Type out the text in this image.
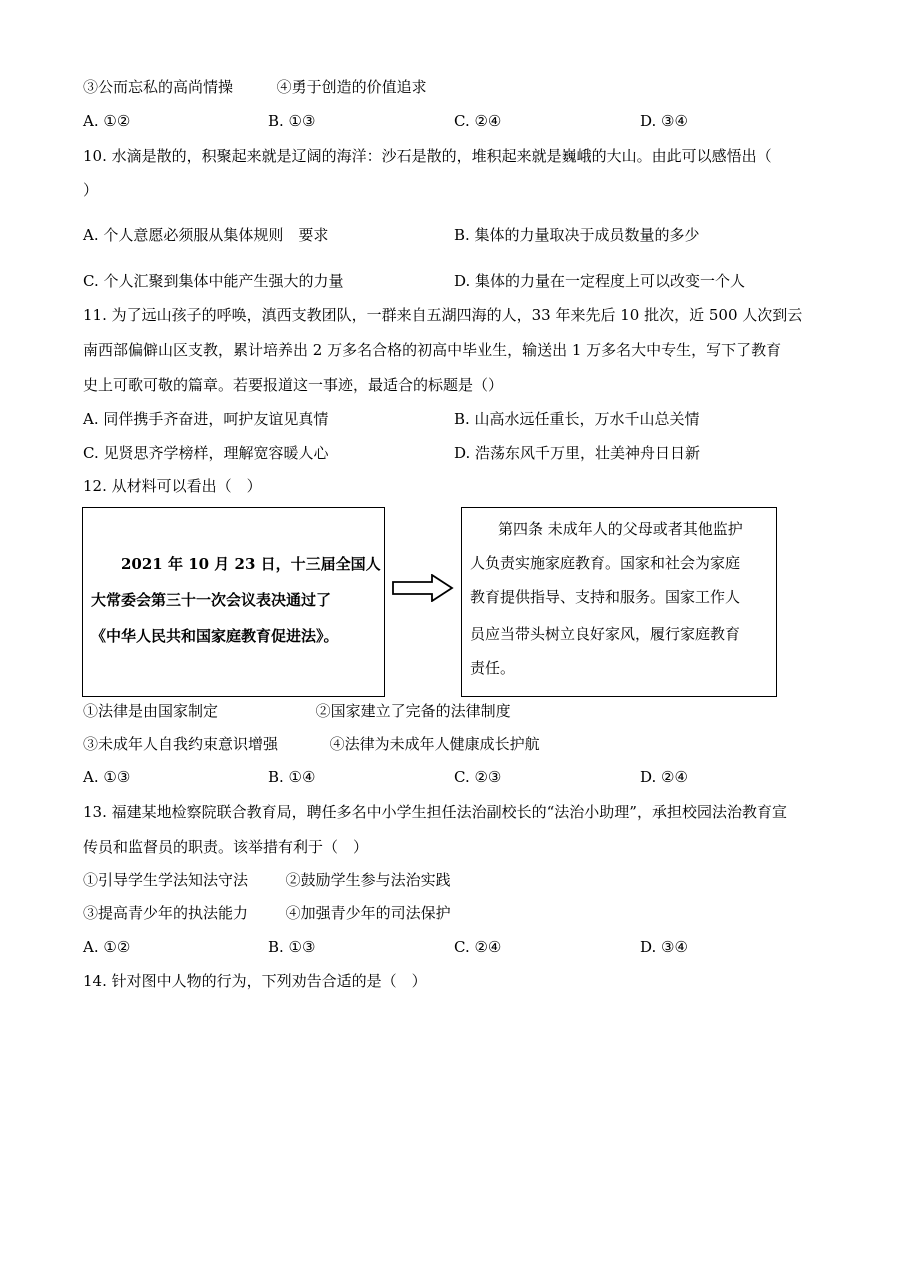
③公而忘私的高尚情操	④勇于创造的价值追求
A. ①②	B. ①③	C. ②④	D. ③④
10. 水滴是散的，积聚起来就是辽阔的海洋：沙石是散的，堆积起来就是巍峨的大山。由此可以感悟出（
）
A. 个人意愿必须服从集体规则　要求	B. 集体的力量取决于成员数量的多少
C. 个人汇聚到集体中能产生强大的力量	D. 集体的力量在一定程度上可以改变一个人
11. 为了远山孩子的呼唤，滇西支教团队，一群来自五湖四海的人，33 年来先后 10 批次，近 500 人次到云
南西部偏僻山区支教，累计培养出 2 万多名合格的初高中毕业生，输送出 1 万多名大中专生，写下了教育
史上可歌可敬的篇章。若要报道这一事迹，最适合的标题是（）
A. 同伴携手齐奋进，呵护友谊见真情	B. 山高水远任重长，万水千山总关情
C. 见贤思齐学榜样，理解宽容暖人心	D. 浩荡东风千万里，壮美神舟日日新
12. 从材料可以看出（　）
2021 年 10 月 23 日，十三届全国人
大常委会第三十一次会议表决通过了
《中华人民共和国家庭教育促进法》。
第四条 未成年人的父母或者其他监护
人负责实施家庭教育。国家和社会为家庭
教育提供指导、支持和服务。国家工作人
员应当带头树立良好家风，履行家庭教育
责任。
①法律是由国家制定	②国家建立了完备的法律制度
③未成年人自我约束意识增强	④法律为未成年人健康成长护航
A. ①③	B. ①④	C. ②③	D. ②④
13. 福建某地检察院联合教育局，聘任多名中小学生担任法治副校长的“法治小助理”，承担校园法治教育宣
传员和监督员的职责。该举措有利于（　）
①引导学生学法知法守法	②鼓励学生参与法治实践
③提高青少年的执法能力	④加强青少年的司法保护
A. ①②	B. ①③	C. ②④	D. ③④
14. 针对图中人物的行为，下列劝告合适的是（　）
